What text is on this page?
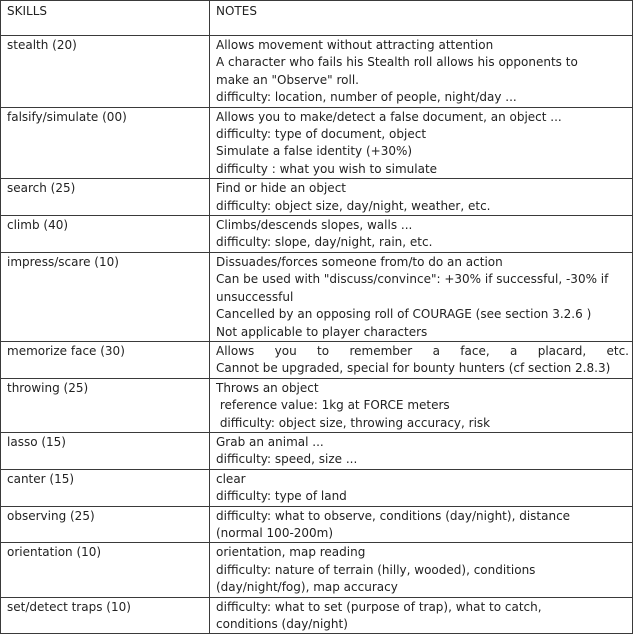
SKILLS	NOTES
stealth (20)	Allows movement without attracting attention
A character who fails his Stealth roll allows his opponents to
make an "Observe" roll.
difficulty: location, number of people, night/day ...

falsify/simulate (00)	Allows you to make/detect a false document, an object ...
difficulty: type of document, object
Simulate a false identity (+30%)
difficulty : what you wish to simulate

search (25)	Find or hide an object
difficulty: object size, day/night, weather, etc.

climb (40)	Climbs/descends slopes, walls ...
difficulty: slope, day/night, rain, etc.

impress/scare (10)	Dissuades/forces someone from/to do an action
Can be used with "discuss/convince": +30% if successful, -30% if
unsuccessful
Cancelled by an opposing roll of COURAGE (see section 3.2.6 )
Not applicable to player characters

memorize face (30)	Allows you to remember a face, a placard, etc.
Cannot be upgraded, special for bounty hunters (cf section 2.8.3)

throwing (25)	Throws an object
reference value: 1kg at FORCE meters
difficulty: object size, throwing accuracy, risk

lasso (15)	Grab an animal ...
difficulty: speed, size ...

canter (15)	clear
difficulty: type of land

observing (25)	difficulty: what to observe, conditions (day/night), distance
(normal 100-200m)

orientation (10)	orientation, map reading
difficulty: nature of terrain (hilly, wooded), conditions
(day/night/fog), map accuracy

set/detect traps (10)	difficulty: what to set (purpose of trap), what to catch,
conditions (day/night)
